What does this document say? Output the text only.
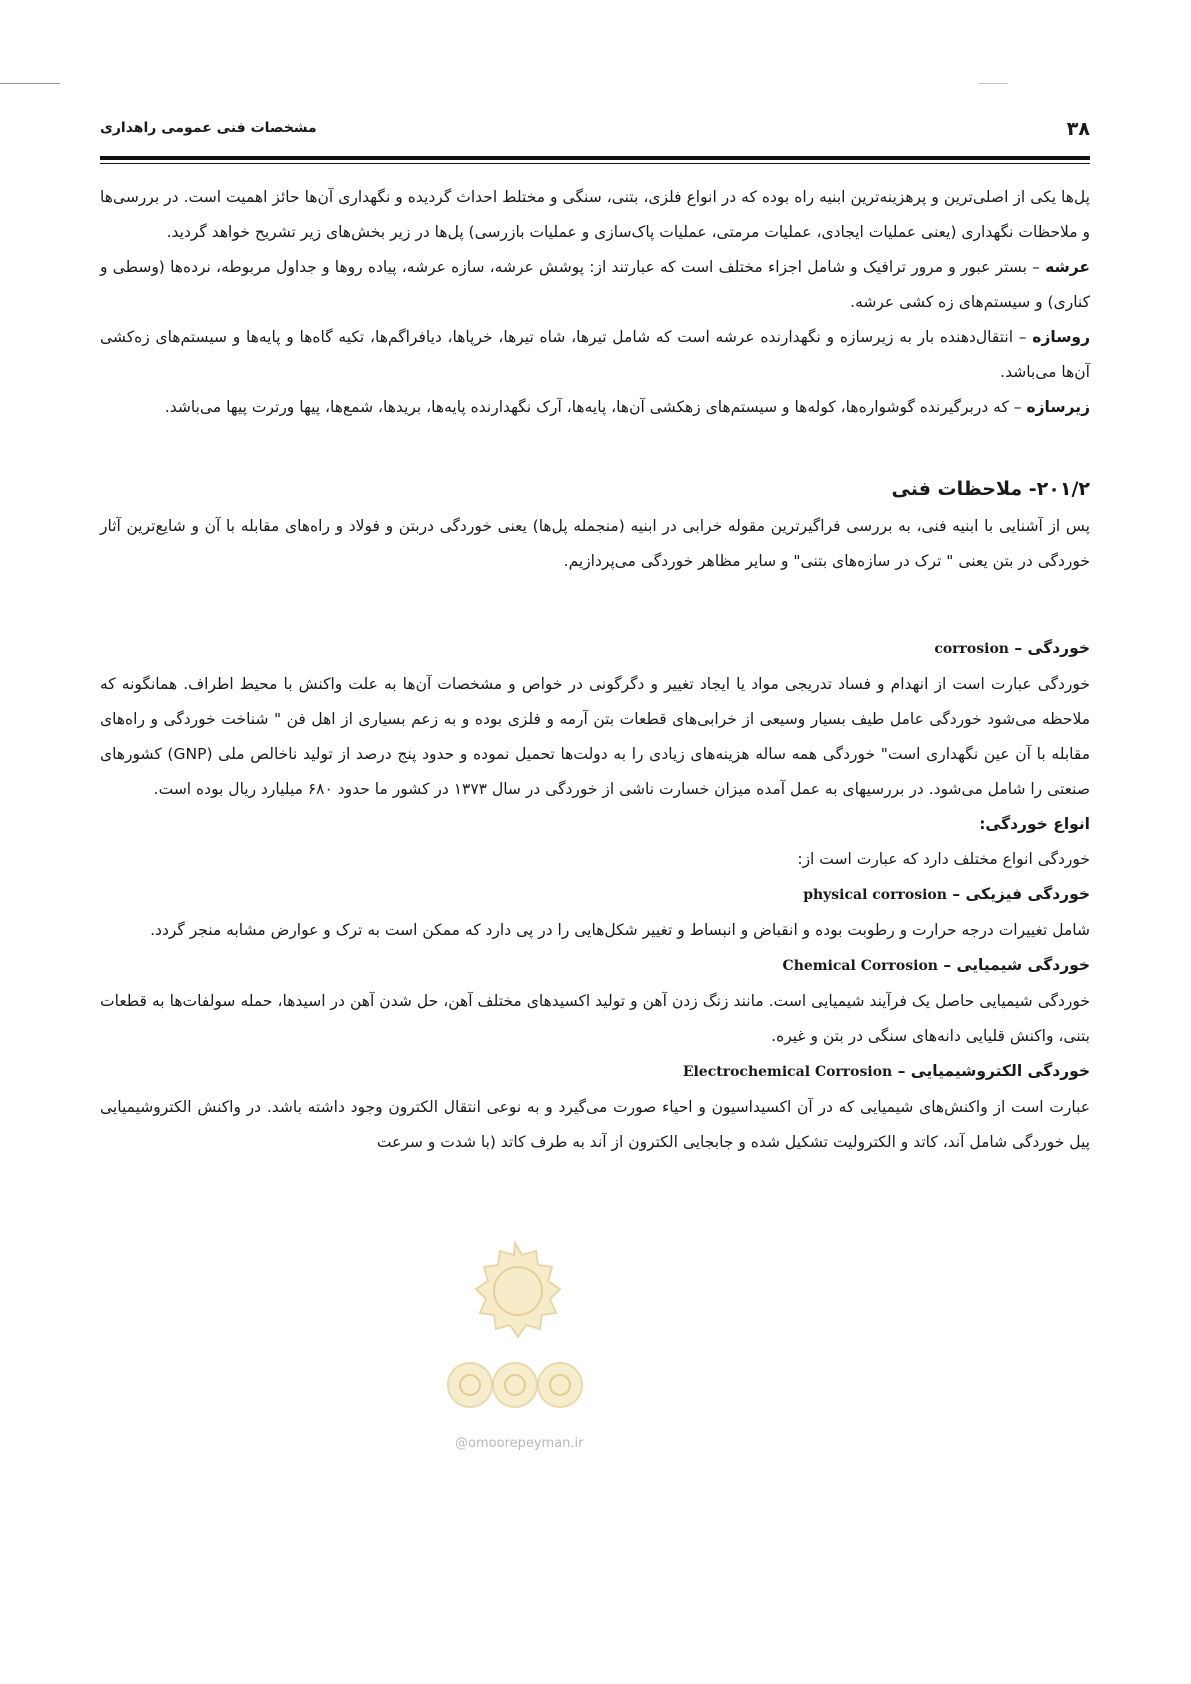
۳۸
مشخصات فنی عمومی راهداری

پل‌ها یکی از اصلی‌ترین و پرهزینه‌ترین ابنیه راه بوده که در انواع فلزی، بتنی، سنگی و مختلط احداث گردیده و نگهداری آن‌ها حائز اهمیت است. در بررسی‌ها و ملاحظات نگهداری (یعنی عملیات ایجادی، عملیات مرمتی، عملیات پاک‌سازی و عملیات بازرسی) پل‌ها در زیر بخش‌های زیر تشریح خواهد گردید.

عرشه – بستر عبور و مرور ترافیک و شامل اجزاء مختلف است که عبارتند از: پوشش عرشه، سازه عرشه، پیاده روها و جداول مربوطه، نرده‌ها (وسطی و کناری) و سیستم‌های زه کشی عرشه.

روسازه – انتقال‌دهنده بار به زیرسازه و نگهدارنده عرشه است که شامل تیرها، شاه تیرها، خرپاها، دیافراگم‌ها، تکیه گاه‌ها و پایه‌ها و سیستم‌های زه‌کشی آن‌ها می‌باشد.

زیرسازه – که دربرگیرنده گوشواره‌ها، کوله‌ها و سیستم‌های زهکشی آن‌ها، پایه‌ها، آرک نگهدارنده پایه‌ها، بریدها، شمع‌ها، پیها ورترت پیها می‌باشد.

۲۰۱/۲- ملاحظات فنی

پس از آشنایی با ابنیه فنی، به بررسی فراگیرترین مقوله خرابی در ابنیه (منجمله پل‌ها) یعنی خوردگی دربتن و فولاد و راه‌های مقابله با آن و شایع‌ترین آثار خوردگی در بتن یعنی " ترک در سازه‌های بتنی" و سایر مظاهر خوردگی می‌پردازیم.

خوردگی – corrosion

خوردگی عبارت است از انهدام و فساد تدریجی مواد یا ایجاد تغییر و دگرگونی در خواص و مشخصات آن‌ها به علت واکنش با محیط اطراف. همانگونه که ملاحظه می‌شود خوردگی عامل طیف بسیار وسیعی از خرابی‌های قطعات بتن آرمه و فلزی بوده و به زعم بسیاری از اهل فن " شناخت خوردگی و راه‌های مقابله با آن عین نگهداری است" خوردگی همه ساله هزینه‌های زیادی را به دولت‌ها تحمیل نموده و حدود پنج درصد از تولید ناخالص ملی (GNP) کشورهای صنعتی را شامل می‌شود. در بررسیهای به عمل آمده میزان خسارت ناشی از خوردگی در سال ۱۳۷۳ در کشور ما حدود ۶۸۰ میلیارد ریال بوده است.

انواع خوردگی:

خوردگی انواع مختلف دارد که عبارت است از:

خوردگی فیزیکی – physical corrosion

شامل تغییرات درجه حرارت و رطوبت بوده و انقباض و انبساط و تغییر شکل‌هایی را در پی دارد که ممکن است به ترک و عوارض مشابه منجر گردد.

خوردگی شیمیایی – Chemical Corrosion

خوردگی شیمیایی حاصل یک فرآیند شیمیایی است. مانند زنگ زدن آهن و تولید اکسیدهای مختلف آهن، حل شدن آهن در اسیدها، حمله سولفات‌ها به قطعات بتنی، واکنش قلیایی دانه‌های سنگی در بتن و غیره.

خوردگی الکتروشیمیایی – Electrochemical Corrosion

عبارت است از واکنش‌های شیمیایی که در آن اکسیداسیون و احیاء صورت می‌گیرد و به نوعی انتقال الکترون وجود داشته باشد. در واکنش الکتروشیمیایی پیل خوردگی شامل آند، کاتد و الکترولیت تشکیل شده و جابجایی الکترون از آند به طرف کاتد (با شدت و سرعت

@omoorepeyman.ir
